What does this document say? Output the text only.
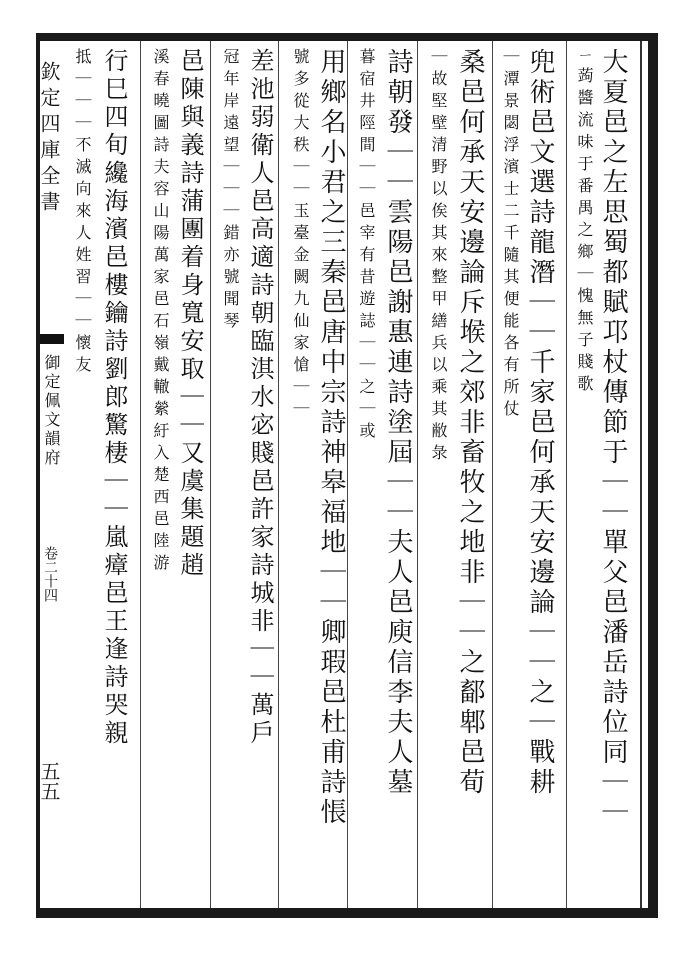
欽定四庫全書
御定佩文韻府
卷二十四
五五	大夏邑之左思蜀都賦邛杖傳節于｜｜單父邑潘岳詩位同｜｜
ㄧ蒟醬流味于番禺之鄉｜愧無子賤歌
兜術邑文選詩龍潛｜｜千家邑何承天安邊論｜｜之｜戰耕
｜潭景閟浮濱士二千隨其便能各有所仗
桑邑何承天安邊論斥堠之郊非畜牧之地非｜｜之鄐郫邑荀
｜故堅壁清野以俟其來整甲繕兵以乘其敝彔
詩朝發｜｜雲陽邑謝惠連詩塗屆｜｜夫人邑庾信李夫人墓
暮宿井陘間｜｜邑宰有昔遊誌｜｜之｜或
用鄉名小君之三秦邑唐中宗詩神皋福地｜｜卿瑕邑杜甫詩悵
號多從大秩｜｜玉臺金闕九仙家愴｜｜
差池弱衛人邑高適詩朝臨淇水宓賤邑許家詩城非｜｜萬戶
冠年岸遠望｜｜｜錯亦號聞琴
邑陳與義詩蒲團着身寬安取｜｜又虞集題趙
溪春曉圖詩夫容山陽萬家邑石嶺戴轍縈紆入楚西邑陸游
行巳四旬纔海濱邑樓鑰詩劉郎驚棲｜｜嵐瘴邑王逢詩哭親
抵｜｜｜不滅向來人姓習｜｜懷友
